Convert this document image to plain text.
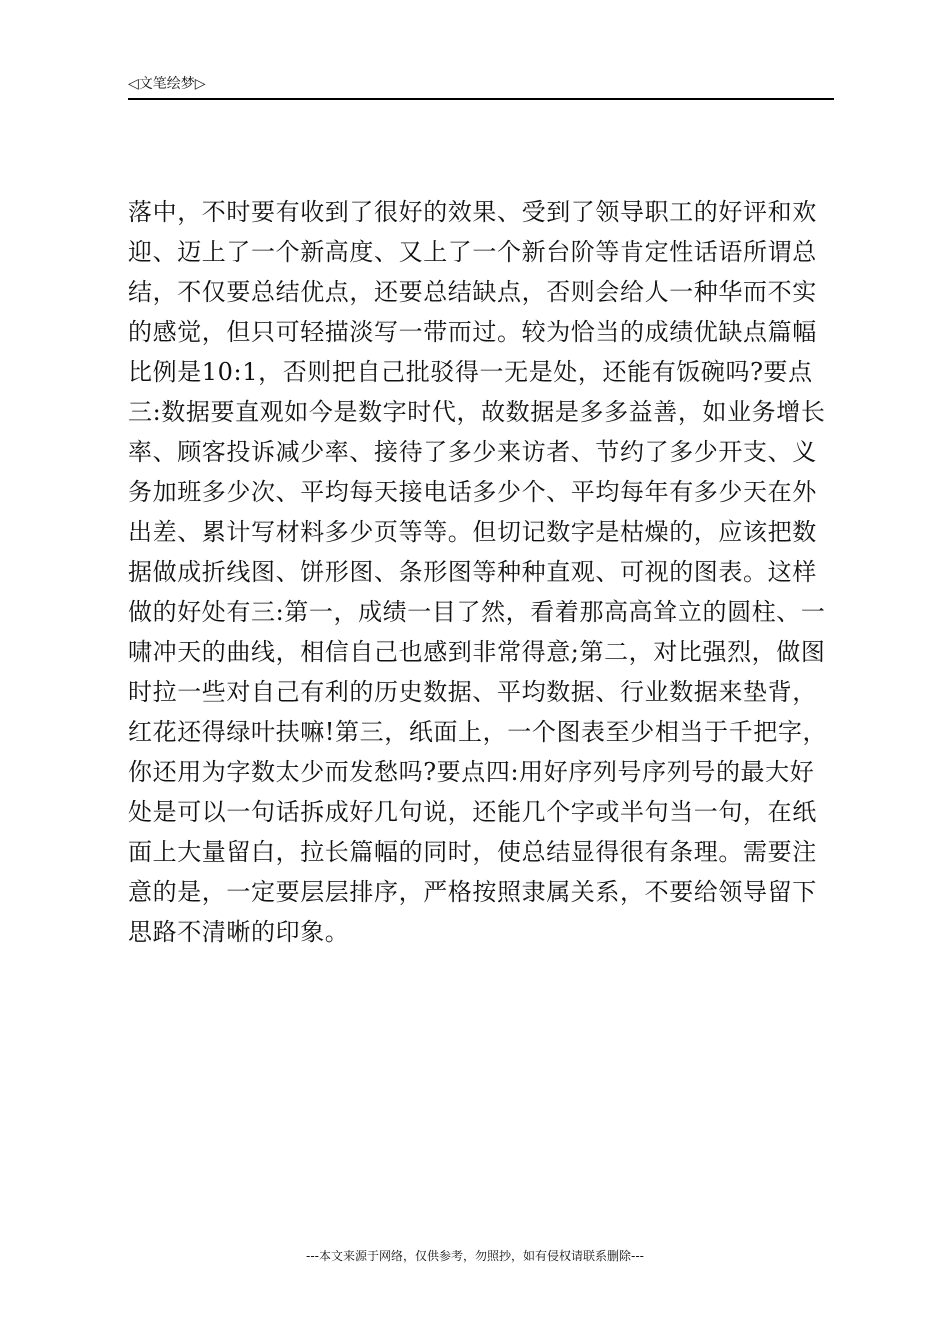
◁文笔绘梦▷
落中，不时要有收到了很好的效果、受到了领导职工的好评和欢迎、迈上了一个新高度、又上了一个新台阶等肯定性话语所谓总结，不仅要总结优点，还要总结缺点，否则会给人一种华而不实的感觉，但只可轻描淡写一带而过。较为恰当的成绩优缺点篇幅比例是10:1，否则把自己批驳得一无是处，还能有饭碗吗?要点三:数据要直观如今是数字时代，故数据是多多益善，如业务增长率、顾客投诉减少率、接待了多少来访者、节约了多少开支、义务加班多少次、平均每天接电话多少个、平均每年有多少天在外出差、累计写材料多少页等等。但切记数字是枯燥的，应该把数据做成折线图、饼形图、条形图等种种直观、可视的图表。这样做的好处有三:第一，成绩一目了然，看着那高高耸立的圆柱、一啸冲天的曲线，相信自己也感到非常得意;第二，对比强烈，做图时拉一些对自己有利的历史数据、平均数据、行业数据来垫背，红花还得绿叶扶嘛!第三，纸面上，一个图表至少相当于千把字，你还用为字数太少而发愁吗?要点四:用好序列号序列号的最大好处是可以一句话拆成好几句说，还能几个字或半句当一句，在纸面上大量留白，拉长篇幅的同时，使总结显得很有条理。需要注意的是，一定要层层排序，严格按照隶属关系，不要给领导留下思路不清晰的印象。
---本文来源于网络，仅供参考，勿照抄，如有侵权请联系删除---
